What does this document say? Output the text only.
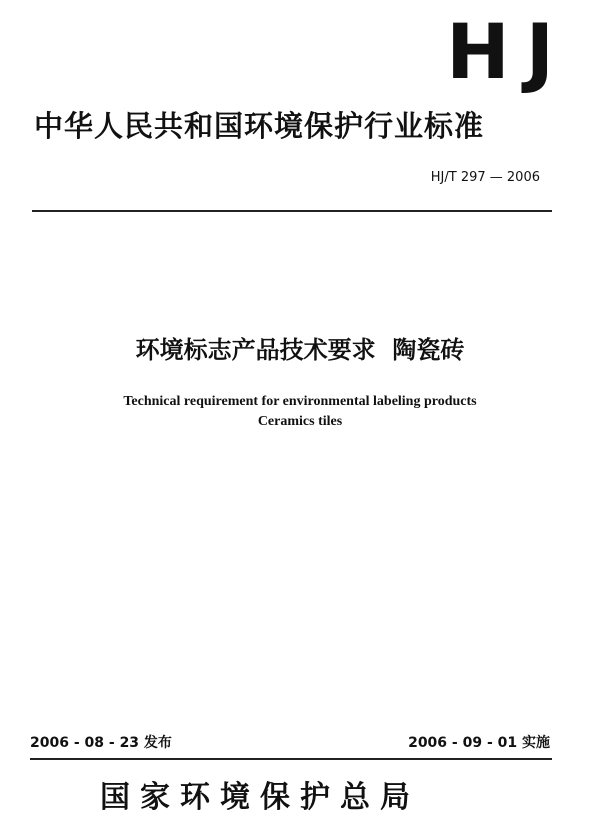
HJ
中华人民共和国环境保护行业标准
HJ/T 297 — 2006
环境标志产品技术要求  陶瓷砖
Technical requirement for environmental labeling products
Ceramics tiles
2006 - 08 - 23 发布	2006 - 09 - 01 实施
国家环境保护总局
